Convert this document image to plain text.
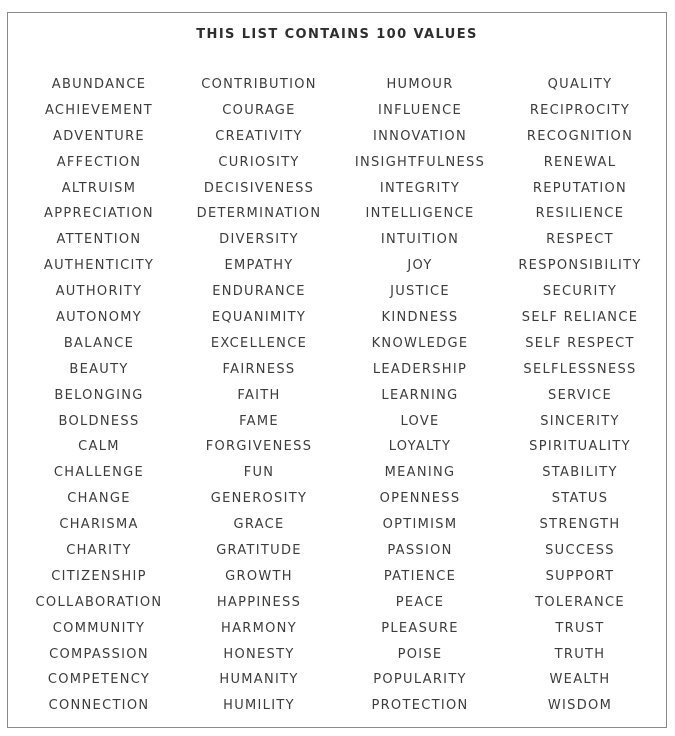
THIS LIST CONTAINS 100 VALUES
ABUNDANCE
ACHIEVEMENT
ADVENTURE
AFFECTION
ALTRUISM
APPRECIATION
ATTENTION
AUTHENTICITY
AUTHORITY
AUTONOMY
BALANCE
BEAUTY
BELONGING
BOLDNESS
CALM
CHALLENGE
CHANGE
CHARISMA
CHARITY
CITIZENSHIP
COLLABORATION
COMMUNITY
COMPASSION
COMPETENCY
CONNECTION
CONTRIBUTION
COURAGE
CREATIVITY
CURIOSITY
DECISIVENESS
DETERMINATION
DIVERSITY
EMPATHY
ENDURANCE
EQUANIMITY
EXCELLENCE
FAIRNESS
FAITH
FAME
FORGIVENESS
FUN
GENEROSITY
GRACE
GRATITUDE
GROWTH
HAPPINESS
HARMONY
HONESTY
HUMANITY
HUMILITY
HUMOUR
INFLUENCE
INNOVATION
INSIGHTFULNESS
INTEGRITY
INTELLIGENCE
INTUITION
JOY
JUSTICE
KINDNESS
KNOWLEDGE
LEADERSHIP
LEARNING
LOVE
LOYALTY
MEANING
OPENNESS
OPTIMISM
PASSION
PATIENCE
PEACE
PLEASURE
POISE
POPULARITY
PROTECTION
QUALITY
RECIPROCITY
RECOGNITION
RENEWAL
REPUTATION
RESILIENCE
RESPECT
RESPONSIBILITY
SECURITY
SELF RELIANCE
SELF RESPECT
SELFLESSNESS
SERVICE
SINCERITY
SPIRITUALITY
STABILITY
STATUS
STRENGTH
SUCCESS
SUPPORT
TOLERANCE
TRUST
TRUTH
WEALTH
WISDOM
